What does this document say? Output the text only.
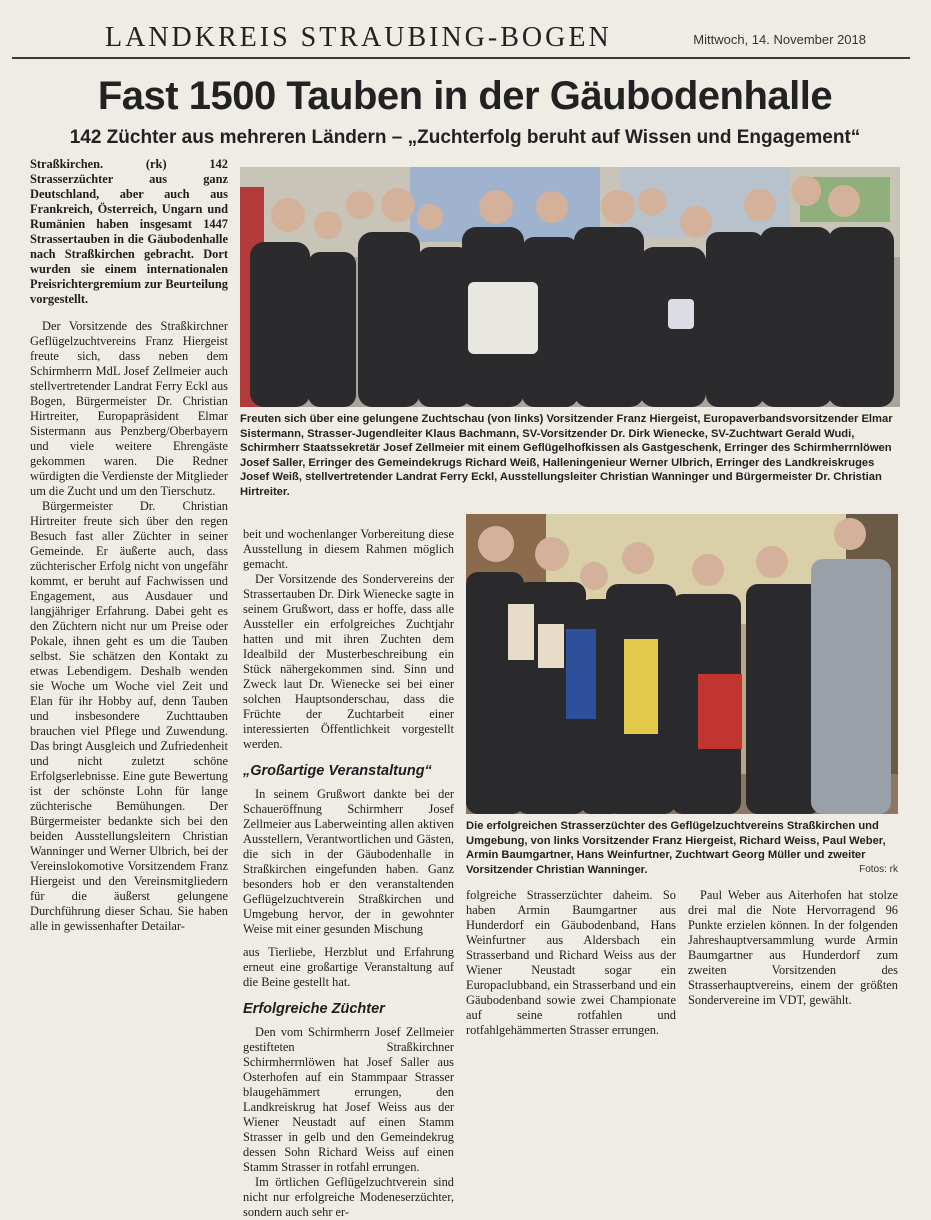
LANDKREIS STRAUBING-BOGEN	Mittwoch, 14. November 2018
Fast 1500 Tauben in der Gäubodenhalle
142 Züchter aus mehreren Ländern – „Zuchterfolg beruht auf Wissen und Engagement“

Straßkirchen. (rk) 142 Strasserzüchter aus ganz Deutschland, aber auch aus Frankreich, Österreich, Ungarn und Rumänien haben insgesamt 1447 Strassertauben in die Gäubodenhalle nach Straßkirchen gebracht. Dort wurden sie einem internationalen Preisrichtergremium zur Beurteilung vorgestellt.

Der Vorsitzende des Straßkirchner Geflügelzuchtvereins Franz Hiergeist freute sich, dass neben dem Schirmherrn MdL Josef Zellmeier auch stellvertretender Landrat Ferry Eckl aus Bogen, Bürgermeister Dr. Christian Hirtreiter, Europapräsident Elmar Sistermann aus Penzberg/Oberbayern und viele weitere Ehrengäste gekommen waren. Die Redner würdigten die Verdienste der Mitglieder um die Zucht und um den Tierschutz.

Bürgermeister Dr. Christian Hirtreiter freute sich über den regen Besuch fast aller Züchter in seiner Gemeinde. Er äußerte auch, dass züchterischer Erfolg nicht von ungefähr kommt, er beruht auf Fachwissen und Engagement, aus Ausdauer und langjähriger Erfahrung. Dabei geht es den Züchtern nicht nur um Preise oder Pokale, ihnen geht es um die Tauben selbst. Sie schätzen den Kontakt zu etwas Lebendigem. Deshalb wenden sie Woche um Woche viel Zeit und Elan für ihr Hobby auf, denn Tauben und insbesondere Zuchttauben brauchen viel Pflege und Zuwendung. Das bringt Ausgleich und Zufriedenheit und nicht zuletzt schöne Erfolgserlebnisse. Eine gute Bewertung ist der schönste Lohn für lange züchterische Bemühungen. Der Bürgermeister bedankte sich bei den beiden Ausstellungsleitern Christian Wanninger und Werner Ulbrich, bei der Vereinslokomotive Vorsitzendem Franz Hiergeist und den Vereinsmitgliedern für die äußerst gelungene Durchführung dieser Schau. Sie haben alle in gewissenhafter Detailar-

Freuten sich über eine gelungene Zuchtschau (von links) Vorsitzender Franz Hiergeist, Europaverbandsvorsitzender Elmar Sistermann, Strasser-Jugendleiter Klaus Bachmann, SV-Vorsitzender Dr. Dirk Wienecke, SV-Zuchtwart Gerald Wudi, Schirmherr Staatssekretär Josef Zellmeier mit einem Geflügelhofkissen als Gastgeschenk, Erringer des Schirmherrnlöwen Josef Saller, Erringer des Gemeindekrugs Richard Weiß, Halleningenieur Werner Ulbrich, Erringer des Landkreiskruges Josef Weiß, stellvertretender Landrat Ferry Eckl, Ausstellungsleiter Christian Wanninger und Bürgermeister Dr. Christian Hirtreiter.

beit und wochenlanger Vorbereitung diese Ausstellung in diesem Rahmen möglich gemacht.

Der Vorsitzende des Sondervereins der Strassertauben Dr. Dirk Wienecke sagte in seinem Grußwort, dass er hoffe, dass alle Aussteller ein erfolgreiches Zuchtjahr hatten und mit ihren Zuchten dem Idealbild der Musterbeschreibung ein Stück nähergekommen sind. Sinn und Zweck laut Dr. Wienecke sei bei einer solchen Hauptsonderschau, dass die Früchte der Zuchtarbeit einer interessierten Öffentlichkeit vorgestellt werden.

„Großartige Veranstaltung“

In seinem Grußwort dankte bei der Schaueröffnung Schirmherr Josef Zellmeier aus Laberweinting allen aktiven Ausstellern, Verantwortlichen und Gästen, die sich in der Gäubodenhalle in Straßkirchen eingefunden haben. Ganz besonders hob er den veranstaltenden Geflügelzuchtverein Straßkirchen und Umgebung hervor, der in gewohnter Weise mit einer gesunden Mischung

aus Tierliebe, Herzblut und Erfahrung erneut eine großartige Veranstaltung auf die Beine gestellt hat.

Erfolgreiche Züchter

Den vom Schirmherrn Josef Zellmeier gestifteten Straßkirchner Schirmherrnlöwen hat Josef Saller aus Osterhofen auf ein Stammpaar Strasser blaugehämmert errungen, den Landkreiskrug hat Josef Weiss aus der Wiener Neustadt auf einen Stamm Strasser in gelb und den Gemeindekrug dessen Sohn Richard Weiss auf einen Stamm Strasser in rotfahl errungen.

Im örtlichen Geflügelzuchtverein sind nicht nur erfolgreiche Modeneserzüchter, sondern auch sehr er-

Die erfolgreichen Strasserzüchter des Geflügelzuchtvereins Straßkirchen und Umgebung, von links Vorsitzender Franz Hiergeist, Richard Weiss, Paul Weber, Armin Baumgartner, Hans Weinfurtner, Zuchtwart Georg Müller und zweiter Vorsitzender Christian Wanninger.	Fotos: rk

folgreiche Strasserzüchter daheim. So haben Armin Baumgartner aus Hunderdorf ein Gäubodenband, Hans Weinfurtner aus Aldersbach ein Strasserband und Richard Weiss aus der Wiener Neustadt sogar ein Europaclubband, ein Strasserband und ein Gäubodenband sowie zwei Championate auf seine rotfahlen und rotfahlgehämmerten Strasser errungen.

Paul Weber aus Aiterhofen hat stolze drei mal die Note Hervorragend 96 Punkte erzielen können. In der folgenden Jahreshauptversammlung wurde Armin Baumgartner aus Hunderdorf zum zweiten Vorsitzenden des Strasserhauptvereins, einem der größten Sondervereine im VDT, gewählt.
